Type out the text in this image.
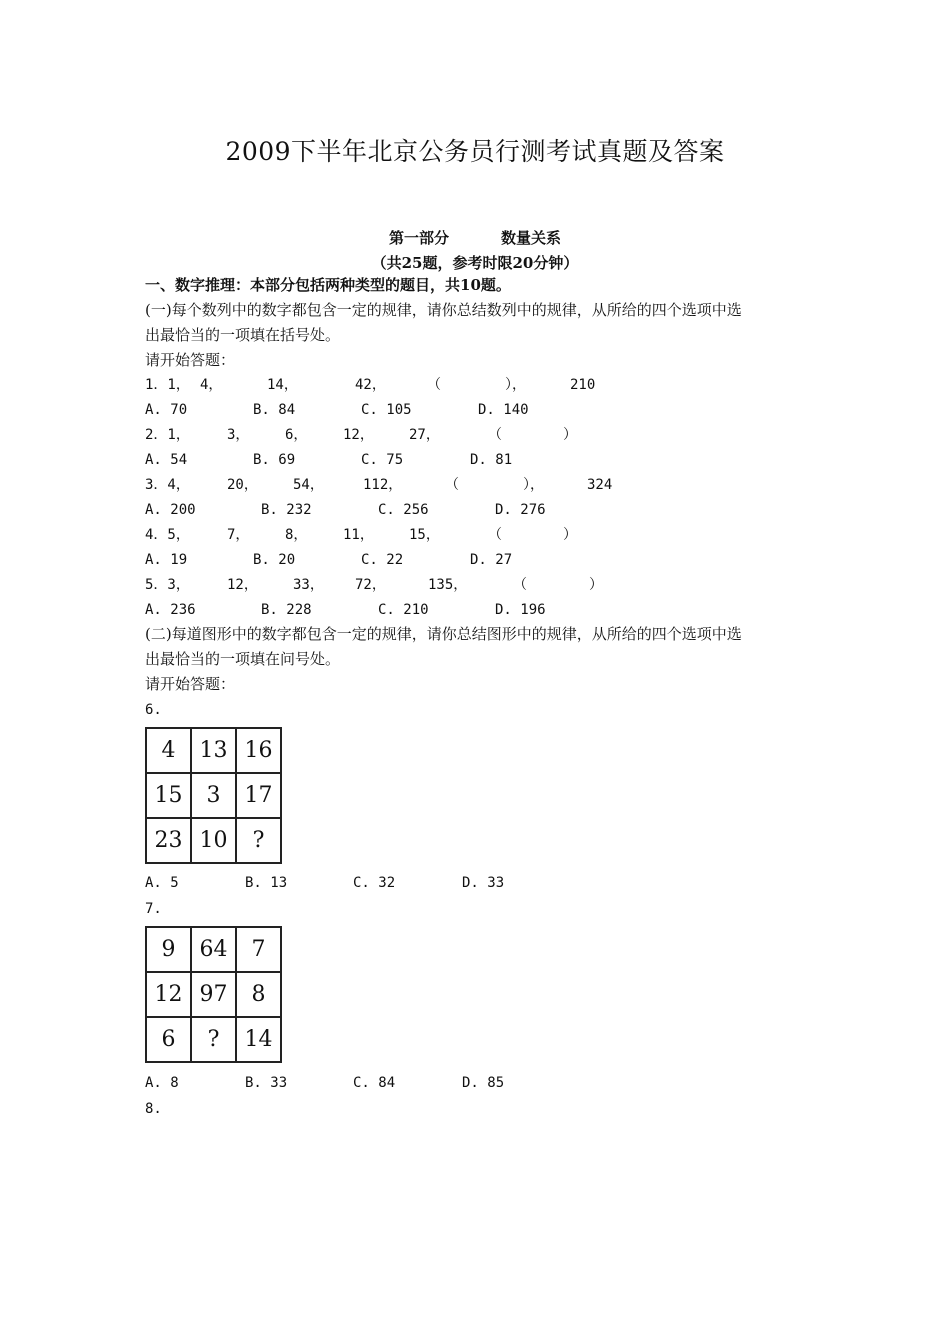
2009下半年北京公务员行测考试真题及答案
第一部分	数量关系
（共25题，参考时限20分钟）
一、数字推理：本部分包括两种类型的题目，共10题。
(一)每个数列中的数字都包含一定的规律，请你总结数列中的规律，从所给的四个选项中选
出最恰当的一项填在括号处。
请开始答题：
1．1， 4，	14，	42，	（	），	210
A. 70	B. 84	C. 105	D. 140
2．1，	3，	6，	12，	27，	（	）
A. 54	B. 69	C. 75	D. 81
3．4，	20，	54，	112，	（	），	324
A. 200	B. 232	C. 256	D. 276
4．5，	7，	8，	11，	15，	（	）
A. 19	B. 20	C. 22	D. 27
5．3，	12，	33， 72，	135，	（	）
A. 236	B. 228	C. 210	D. 196
(二)每道图形中的数字都包含一定的规律，请你总结图形中的规律，从所给的四个选项中选
出最恰当的一项填在问号处。
请开始答题：
6.
4	13	16
15	3	17
23	10	?
A. 5	B. 13	C. 32	D. 33
7.
9	64	7
12	97	8
6	?	14
A. 8	B. 33	C. 84	D. 85
8.
